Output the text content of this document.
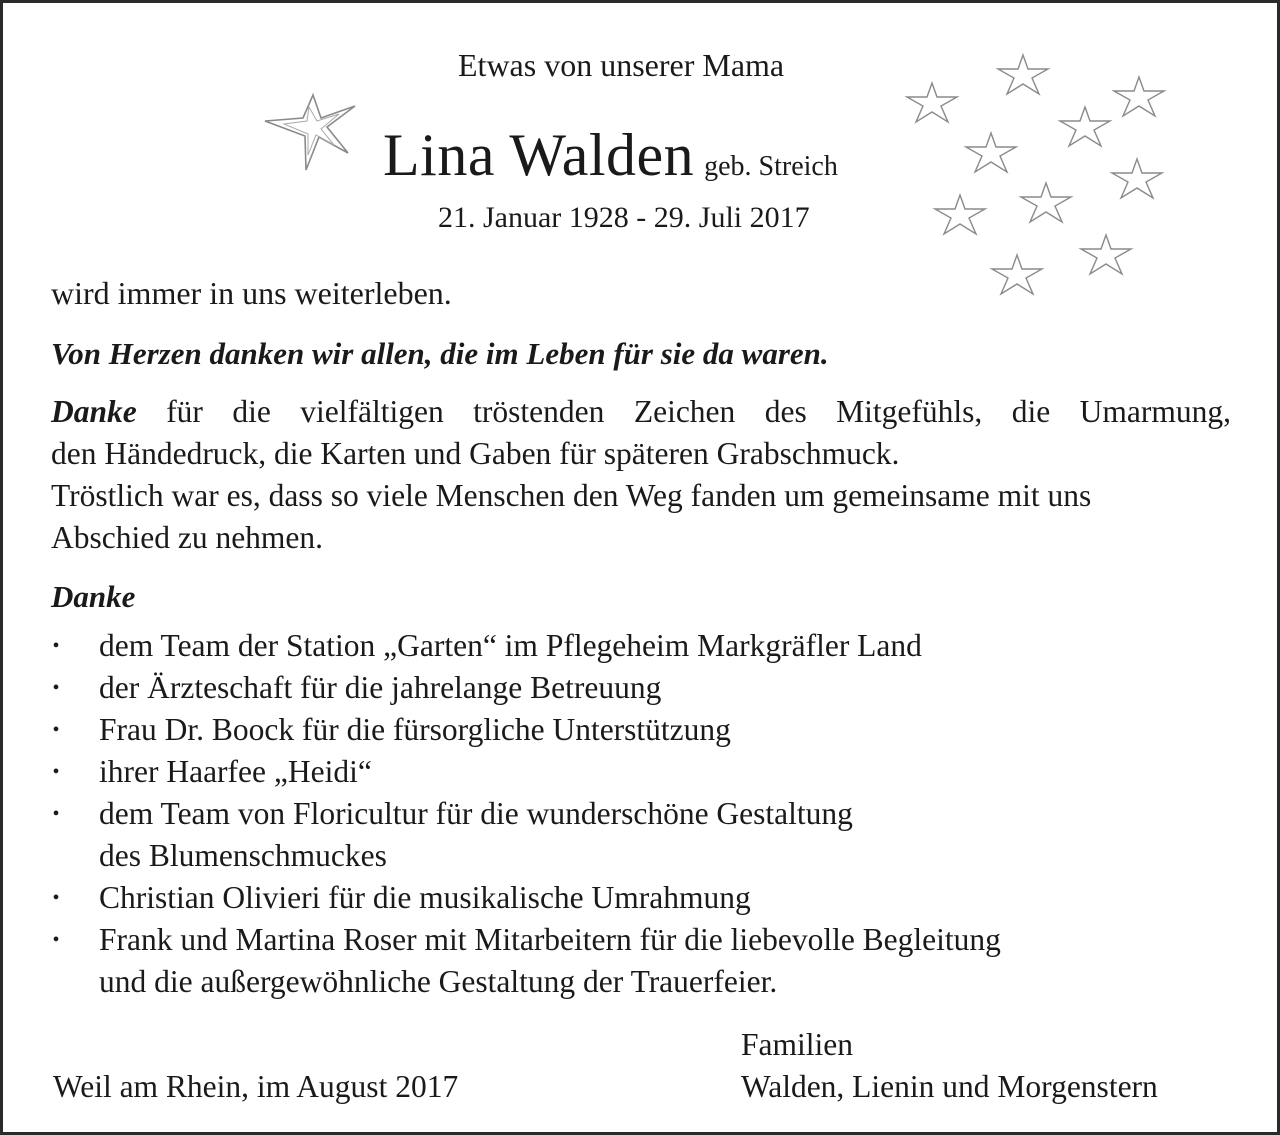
Etwas von unserer Mama
Lina Walden geb. Streich
21. Januar 1928 - 29. Juli 2017
wird immer in uns weiterleben.
Von Herzen danken wir allen, die im Leben für sie da waren.
Danke für die vielfältigen tröstenden Zeichen des Mitgefühls, die Umarmung,
den Händedruck, die Karten und Gaben für späteren Grabschmuck.
Tröstlich war es, dass so viele Menschen den Weg fanden um gemeinsame mit uns
Abschied zu nehmen.
Danke
• dem Team der Station „Garten“ im Pflegeheim Markgräfler Land
• der Ärzteschaft für die jahrelange Betreuung
• Frau Dr. Boock für die fürsorgliche Unterstützung
• ihrer Haarfee „Heidi“
• dem Team von Floricultur für die wunderschöne Gestaltung
des Blumenschmuckes
• Christian Olivieri für die musikalische Umrahmung
• Frank und Martina Roser mit Mitarbeitern für die liebevolle Begleitung
und die außergewöhnliche Gestaltung der Trauerfeier.
Familien
Walden, Lienin und Morgenstern
Weil am Rhein, im August 2017
